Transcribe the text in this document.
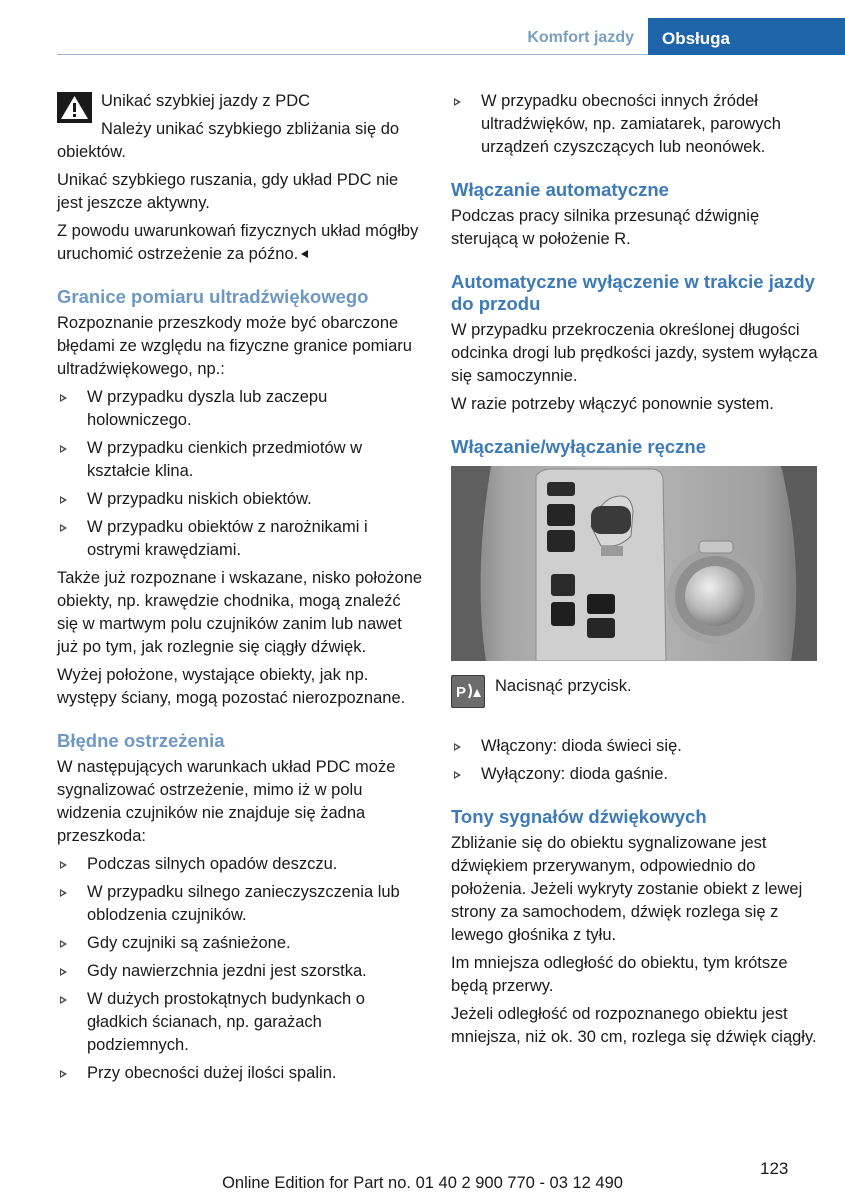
Komfort jazdy Obsługa

Unikać szybkiej jazdy z PDC

Należy unikać szybkiego zbliżania się do obiektów.

Unikać szybkiego ruszania, gdy układ PDC nie jest jeszcze aktywny.

Z powodu uwarunkowań fizycznych układ mógłby uruchomić ostrzeżenie za późno.

Granice pomiaru ultradźwiękowego

Rozpoznanie przeszkody może być obarczone błędami ze względu na fizyczne granice pomiaru ultradźwiękowego, np.:

W przypadku dyszla lub zaczepu holowniczego.
W przypadku cienkich przedmiotów w kształcie klina.
W przypadku niskich obiektów.
W przypadku obiektów z narożnikami i ostrymi krawędziami.

Także już rozpoznane i wskazane, nisko położone obiekty, np. krawędzie chodnika, mogą znaleźć się w martwym polu czujników zanim lub nawet już po tym, jak rozlegnie się ciągły dźwięk.

Wyżej położone, wystające obiekty, jak np. występy ściany, mogą pozostać nierozpoznane.

Błędne ostrzeżenia

W następujących warunkach układ PDC może sygnalizować ostrzeżenie, mimo iż w polu widzenia czujników nie znajduje się żadna przeszkoda:

Podczas silnych opadów deszczu.
W przypadku silnego zanieczyszczenia lub oblodzenia czujników.
Gdy czujniki są zaśnieżone.
Gdy nawierzchnia jezdni jest szorstka.
W dużych prostokątnych budynkach o gładkich ścianach, np. garażach podziemnych.
Przy obecności dużej ilości spalin.
W przypadku obecności innych źródeł ultradźwięków, np. zamiatarek, parowych urządzeń czyszczących lub neonówek.
Włączanie automatyczne

Podczas pracy silnika przesunąć dźwignię sterującą w położenie R.

Automatyczne wyłączenie w trakcie jazdy do przodu

W przypadku przekroczenia określonej długości odcinka drogi lub prędkości jazdy, system wyłącza się samoczynnie.

W razie potrzeby włączyć ponownie system.

Włączanie/wyłączanie ręczne
P Nacisnąć przycisk.
Włączony: dioda świeci się.
Wyłączony: dioda gaśnie.
Tony sygnałów dźwiękowych

Zbliżanie się do obiektu sygnalizowane jest dźwiękiem przerywanym, odpowiednio do położenia. Jeżeli wykryty zostanie obiekt z lewej strony za samochodem, dźwięk rozlega się z lewego głośnika z tyłu.

Im mniejsza odległość do obiektu, tym krótsze będą przerwy.

Jeżeli odległość od rozpoznanego obiektu jest mniejsza, niż ok. 30 cm, rozlega się dźwięk ciągły.

123
Online Edition for Part no. 01 40 2 900 770 - 03 12 490
